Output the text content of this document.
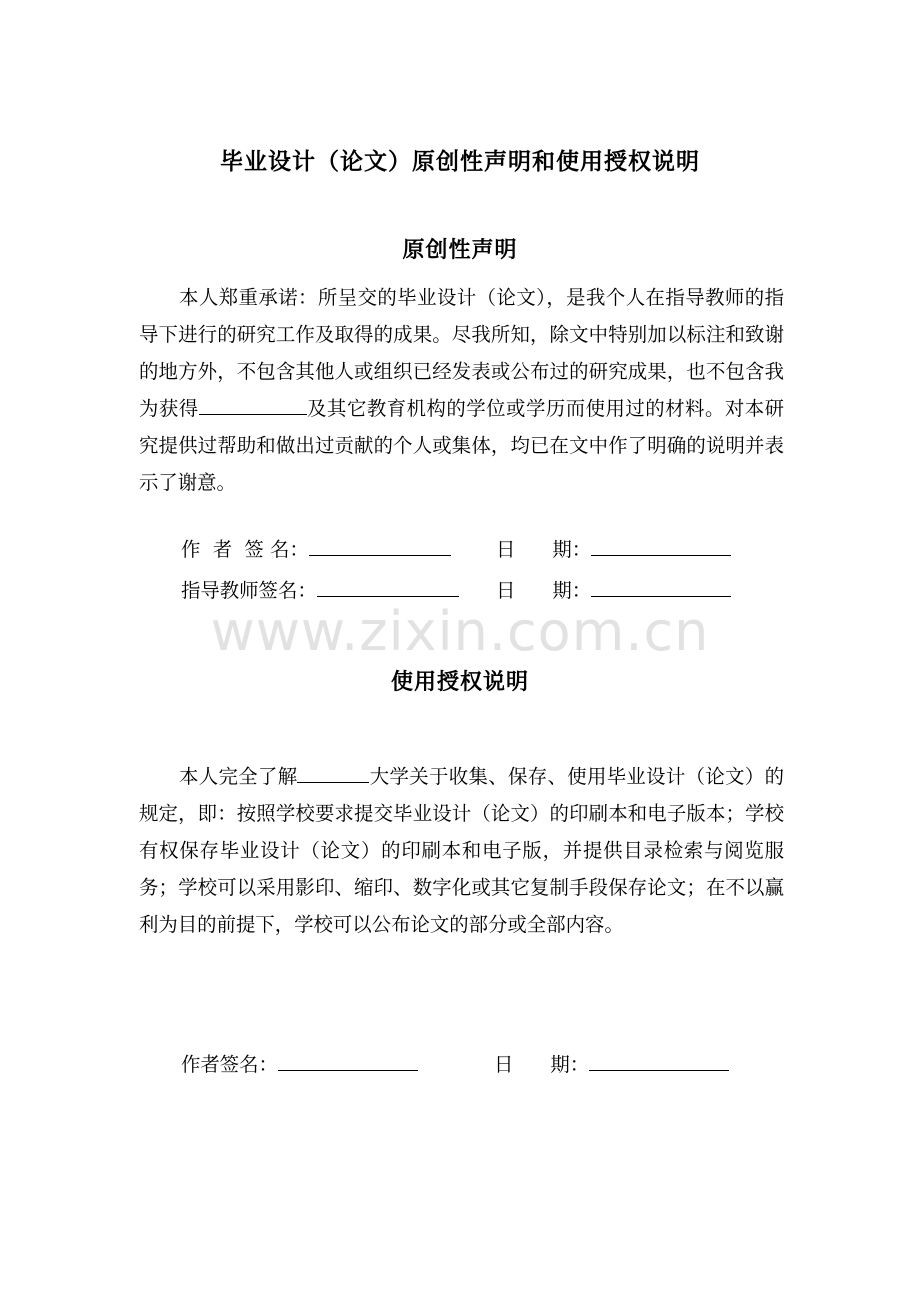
毕业设计（论文）原创性声明和使用授权说明
原创性声明

本人郑重承诺：所呈交的毕业设计（论文），是我个人在指导教师的指导下进行的研究工作及取得的成果。尽我所知，除文中特别加以标注和致谢的地方外，不包含其他人或组织已经发表或公布过的研究成果，也不包含我为获得	及其它教育机构的学位或学历而使用过的材料。对本研究提供过帮助和做出过贡献的个人或集体，均已在文中作了明确的说明并表示了谢意。

作  者  签 名：	日      期：
指导教师签名：	日      期：
www.zixin.com.cn
使用授权说明

本人完全了解	大学关于收集、保存、使用毕业设计（论文）的规定，即：按照学校要求提交毕业设计（论文）的印刷本和电子版本；学校有权保存毕业设计（论文）的印刷本和电子版，并提供目录检索与阅览服务；学校可以采用影印、缩印、数字化或其它复制手段保存论文；在不以赢利为目的前提下，学校可以公布论文的部分或全部内容。

作者签名：	日      期：
